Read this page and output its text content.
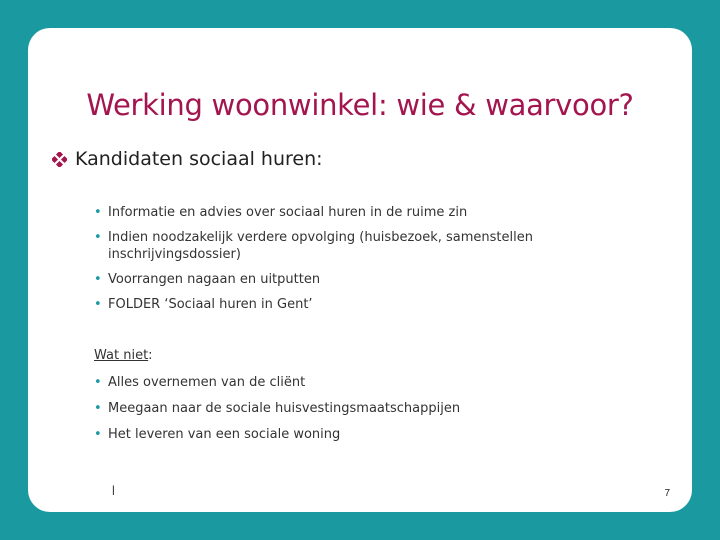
Werking woonwinkel: wie & waarvoor?
Kandidaten sociaal huren:
• Informatie en advies over sociaal huren in de ruime zin
• Indien noodzakelijk verdere opvolging (huisbezoek, samenstellen inschrijvingsdossier)
• Voorrangen nagaan en uitputten
• FOLDER ‘Sociaal huren in Gent’
Wat niet:
• Alles overnemen van de cliënt
• Meegaan naar de sociale huisvestingsmaatschappijen
• Het leveren van een sociale woning
l	7
